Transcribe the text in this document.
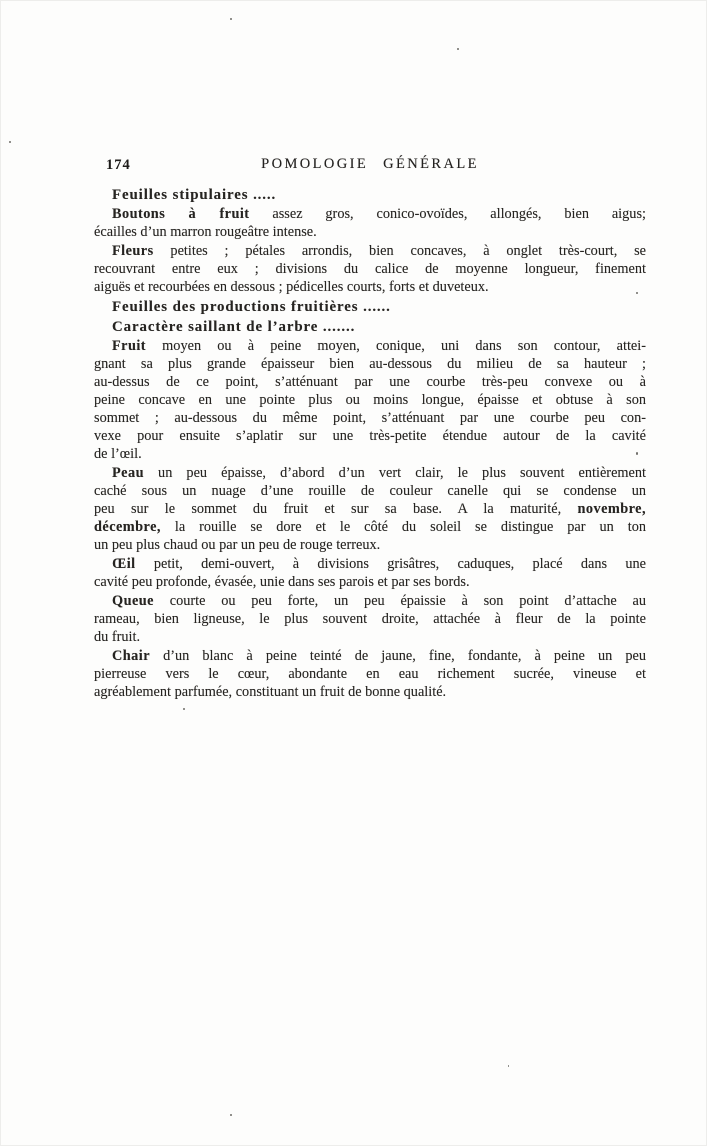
174	POMOLOGIE GÉNÉRALE
Feuilles stipulaires .....
Boutons à fruit assez gros, conico-ovoïdes, allongés, bien aigus;
écailles d’un marron rougeâtre intense.
Fleurs petites ; pétales arrondis, bien concaves, à onglet très-court, se
recouvrant entre eux ; divisions du calice de moyenne longueur, finement
aiguës et recourbées en dessous ; pédicelles courts, forts et duveteux.
Feuilles des productions fruitières ......
Caractère saillant de l’arbre .......
Fruit moyen ou à peine moyen, conique, uni dans son contour, attei-
gnant sa plus grande épaisseur bien au-dessous du milieu de sa hauteur ;
au-dessus de ce point, s’atténuant par une courbe très-peu convexe ou à
peine concave en une pointe plus ou moins longue, épaisse et obtuse à son
sommet ; au-dessous du même point, s’atténuant par une courbe peu con-
vexe pour ensuite s’aplatir sur une très-petite étendue autour de la cavité
de l’œil.
Peau un peu épaisse, d’abord d’un vert clair, le plus souvent entièrement
caché sous un nuage d’une rouille de couleur canelle qui se condense un
peu sur le sommet du fruit et sur sa base. A la maturité, novembre,
décembre, la rouille se dore et le côté du soleil se distingue par un ton
un peu plus chaud ou par un peu de rouge terreux.
Œil petit, demi-ouvert, à divisions grisâtres, caduques, placé dans une
cavité peu profonde, évasée, unie dans ses parois et par ses bords.
Queue courte ou peu forte, un peu épaissie à son point d’attache au
rameau, bien ligneuse, le plus souvent droite, attachée à fleur de la pointe
du fruit.
Chair d’un blanc à peine teinté de jaune, fine, fondante, à peine un peu
pierreuse vers le cœur, abondante en eau richement sucrée, vineuse et
agréablement parfumée, constituant un fruit de bonne qualité.
